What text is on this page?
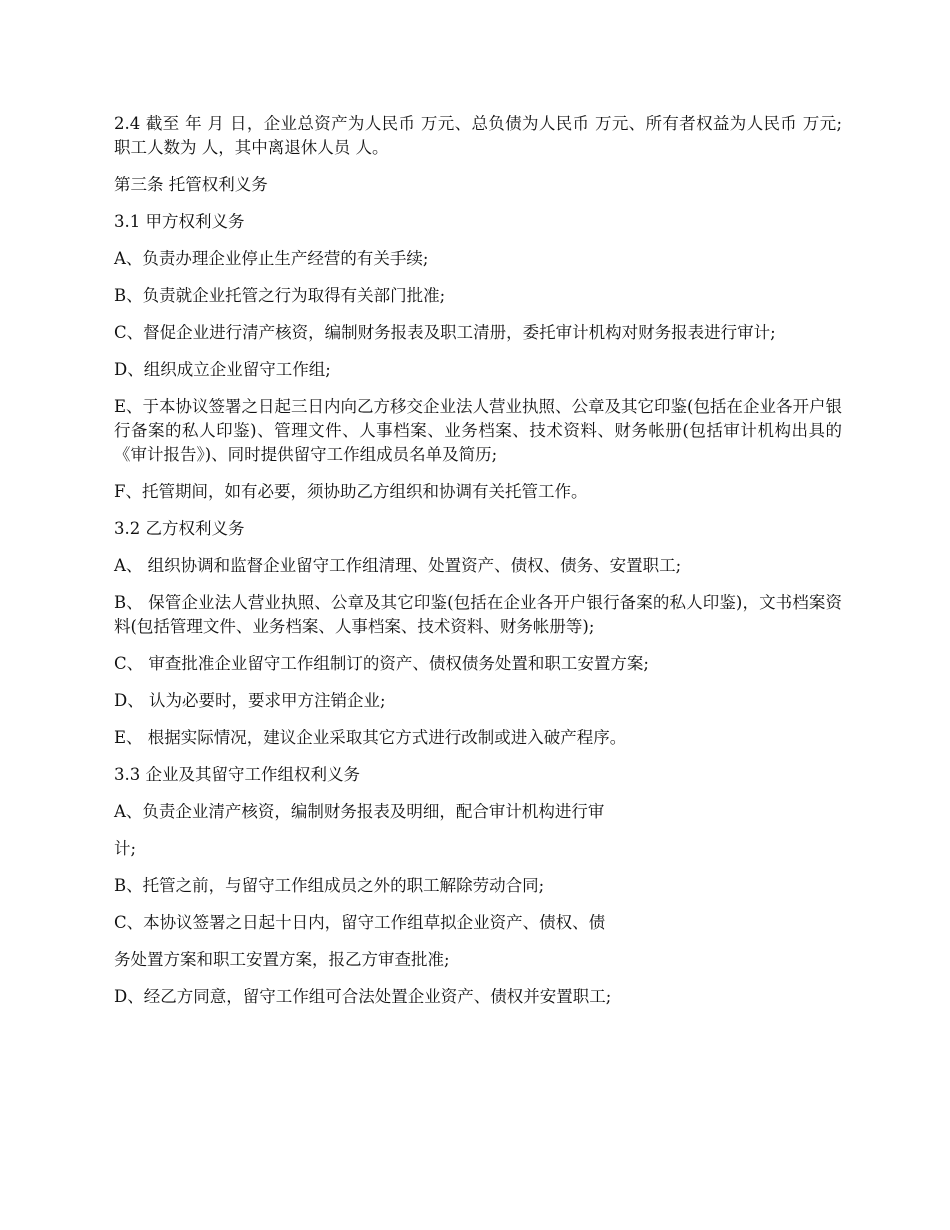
2.4 截至 年 月 日，企业总资产为人民币 万元、总负债为人民币 万元、所有者权益为人民币 万元;职工人数为 人，其中离退休人员 人。

第三条 托管权利义务

3.1 甲方权利义务

A、负责办理企业停止生产经营的有关手续;

B、负责就企业托管之行为取得有关部门批准;

C、督促企业进行清产核资，编制财务报表及职工清册，委托审计机构对财务报表进行审计;

D、组织成立企业留守工作组;

E、于本协议签署之日起三日内向乙方移交企业法人营业执照、公章及其它印鉴(包括在企业各开户银行备案的私人印鉴)、管理文件、人事档案、业务档案、技术资料、财务帐册(包括审计机构出具的《审计报告》)、同时提供留守工作组成员名单及简历;

F、托管期间，如有必要，须协助乙方组织和协调有关托管工作。

3.2 乙方权利义务

A、 组织协调和监督企业留守工作组清理、处置资产、债权、债务、安置职工;

B、 保管企业法人营业执照、公章及其它印鉴(包括在企业各开户银行备案的私人印鉴)，文书档案资料(包括管理文件、业务档案、人事档案、技术资料、财务帐册等);

C、 审查批准企业留守工作组制订的资产、债权债务处置和职工安置方案;

D、 认为必要时，要求甲方注销企业;

E、 根据实际情况，建议企业采取其它方式进行改制或进入破产程序。

3.3 企业及其留守工作组权利义务

A、负责企业清产核资，编制财务报表及明细，配合审计机构进行审

计;

B、托管之前，与留守工作组成员之外的职工解除劳动合同;

C、本协议签署之日起十日内，留守工作组草拟企业资产、债权、债

务处置方案和职工安置方案，报乙方审查批准;

D、经乙方同意，留守工作组可合法处置企业资产、债权并安置职工;
